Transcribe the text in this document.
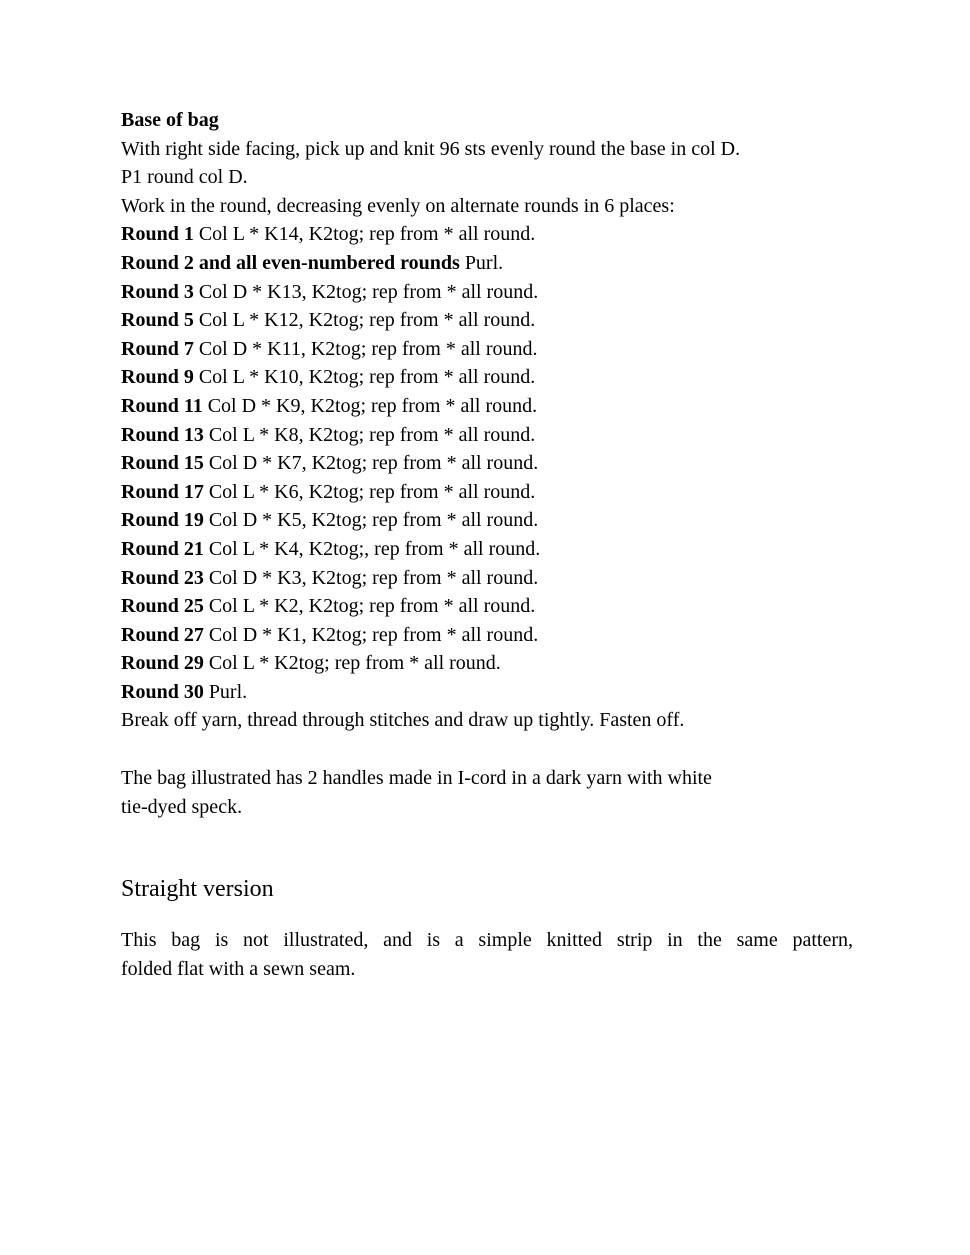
Base of bag
With right side facing, pick up and knit 96 sts evenly round the base in col D.
P1 round col D.
Work in the round, decreasing evenly on alternate rounds in 6 places:
Round 1 Col L * K14, K2tog; rep from * all round.
Round 2 and all even-numbered rounds Purl.
Round 3 Col D * K13, K2tog; rep from * all round.
Round 5 Col L * K12, K2tog; rep from * all round.
Round 7 Col D * K11, K2tog; rep from * all round.
Round 9 Col L * K10, K2tog; rep from * all round.
Round 11 Col D * K9, K2tog; rep from * all round.
Round 13 Col L * K8, K2tog; rep from * all round.
Round 15 Col D * K7, K2tog; rep from * all round.
Round 17 Col L * K6, K2tog; rep from * all round.
Round 19 Col D * K5, K2tog; rep from * all round.
Round 21 Col L * K4, K2tog;, rep from * all round.
Round 23 Col D * K3, K2tog; rep from * all round.
Round 25 Col L * K2, K2tog; rep from * all round.
Round 27 Col D * K1, K2tog; rep from * all round.
Round 29 Col L * K2tog; rep from * all round.
Round 30 Purl.
Break off yarn, thread through stitches and draw up tightly. Fasten off.
The bag illustrated has 2 handles made in I-cord in a dark yarn with white
tie-dyed speck.
Straight version
This bag is not illustrated, and is a simple knitted strip in the same pattern,
folded flat with a sewn seam.
